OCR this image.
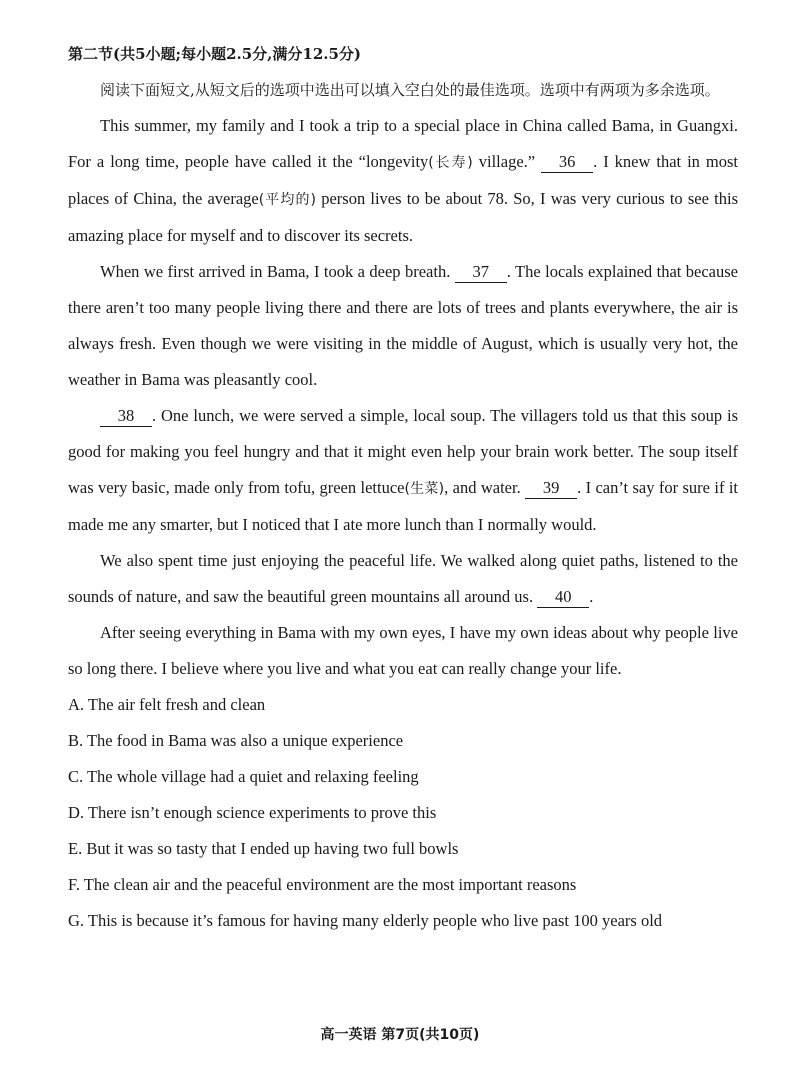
第二节(共5小题;每小题2.5分,满分12.5分)

阅读下面短文,从短文后的选项中选出可以填入空白处的最佳选项。选项中有两项为多余选项。

This summer, my family and I took a trip to a special place in China called Bama, in Guangxi. For a long time, people have called it the “longevity(长寿) village.” 36 . I knew that in most places of China, the average(平均的) person lives to be about 78. So, I was very curious to see this amazing place for myself and to discover its secrets.

When we first arrived in Bama, I took a deep breath. 37 . The locals explained that because there aren’t too many people living there and there are lots of trees and plants everywhere, the air is always fresh. Even though we were visiting in the middle of August, which is usually very hot, the weather in Bama was pleasantly cool.

38 . One lunch, we were served a simple, local soup. The villagers told us that this soup is good for making you feel hungry and that it might even help your brain work better. The soup itself was very basic, made only from tofu, green lettuce(生菜), and water. 39 . I can’t say for sure if it made me any smarter, but I noticed that I ate more lunch than I normally would.

We also spent time just enjoying the peaceful life. We walked along quiet paths, listened to the sounds of nature, and saw the beautiful green mountains all around us. 40 .

After seeing everything in Bama with my own eyes, I have my own ideas about why people live so long there. I believe where you live and what you eat can really change your life.

A. The air felt fresh and clean
B. The food in Bama was also a unique experience
C. The whole village had a quiet and relaxing feeling
D. There isn’t enough science experiments to prove this
E. But it was so tasty that I ended up having two full bowls
F. The clean air and the peaceful environment are the most important reasons
G. This is because it’s famous for having many elderly people who live past 100 years old
高一英语 第7页(共10页)
